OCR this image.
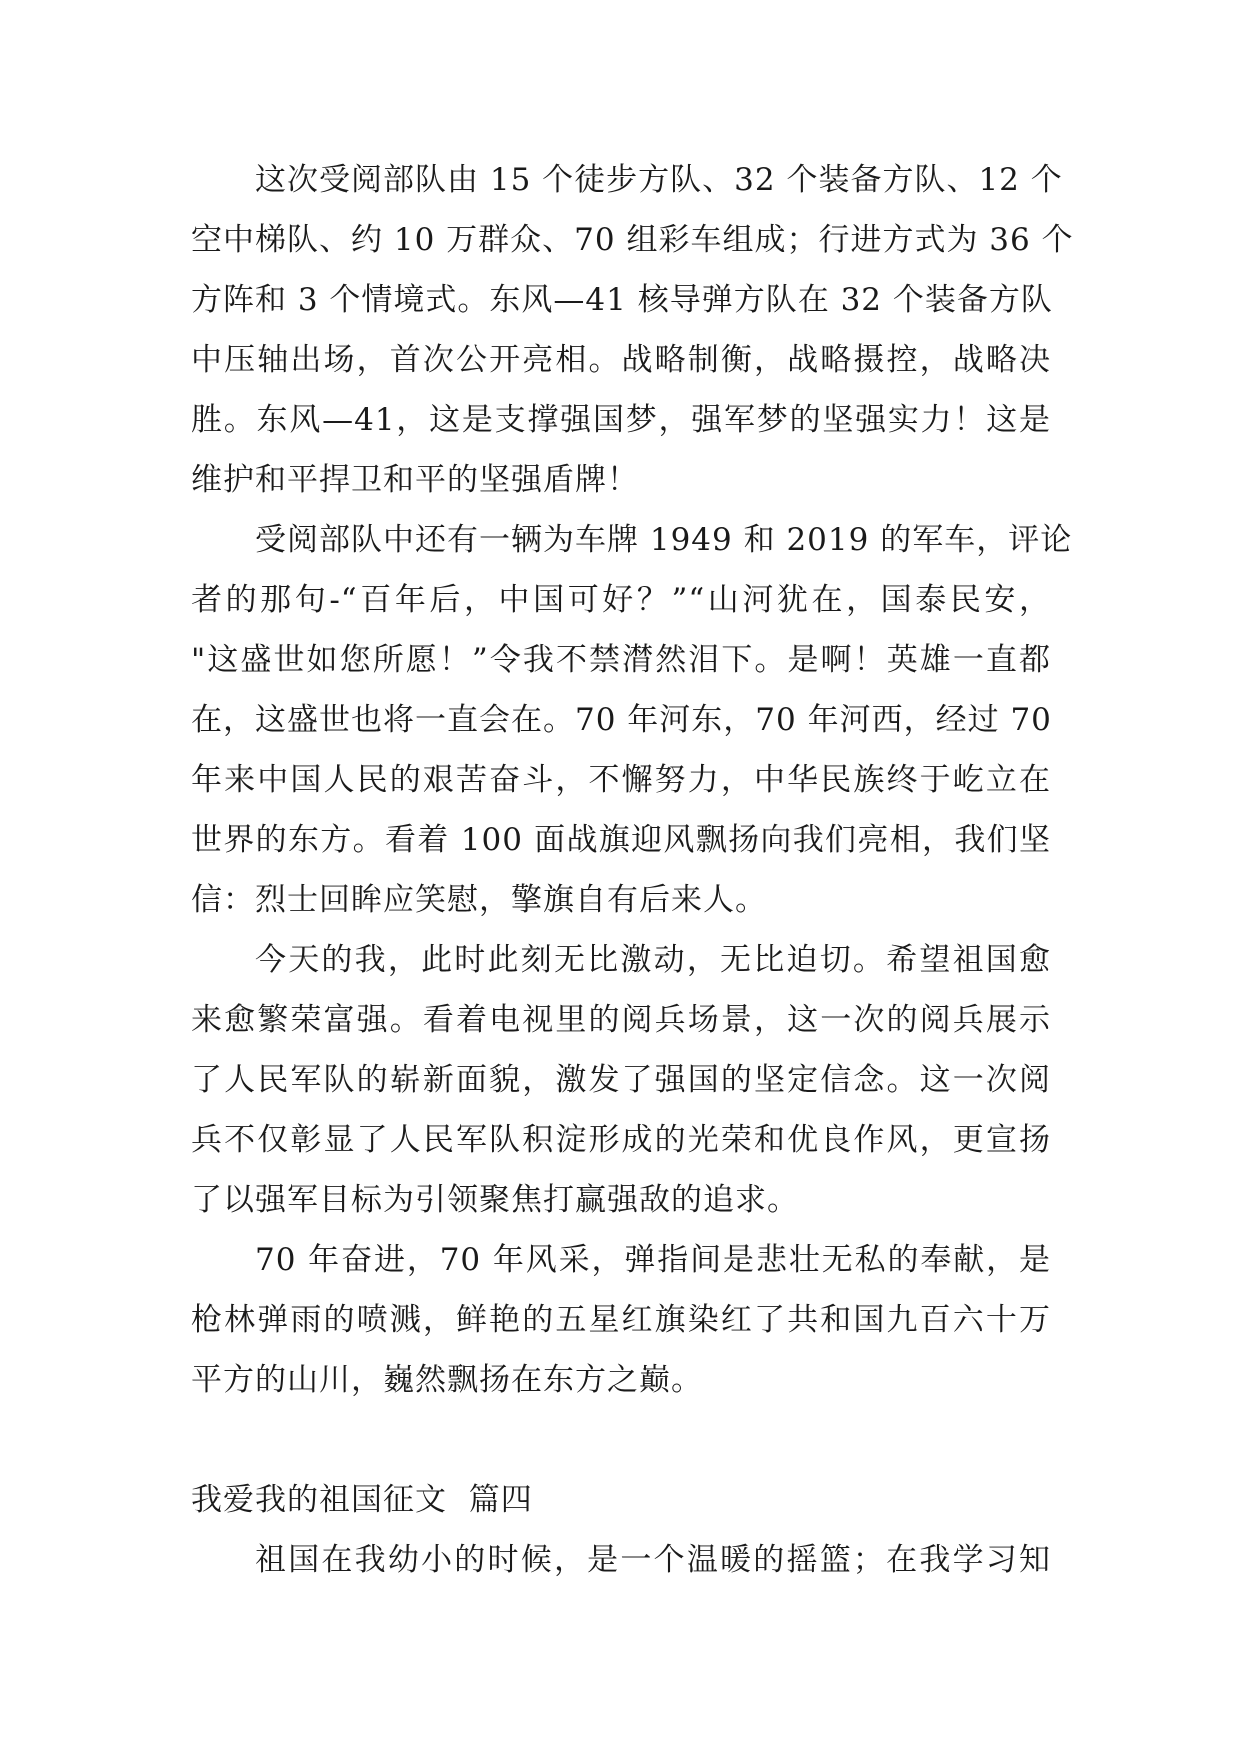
这次受阅部队由 15 个徒步方队、32 个装备方队、12 个
空中梯队、约 10 万群众、70 组彩车组成；行进方式为 36 个
方阵和 3 个情境式。东风—41 核导弹方队在 32 个装备方队
中压轴出场，首次公开亮相。战略制衡，战略摄控，战略决
胜。东风—41，这是支撑强国梦，强军梦的坚强实力！这是
维护和平捍卫和平的坚强盾牌！
受阅部队中还有一辆为车牌 1949 和 2019 的军车，评论
者的那句-“百年后，中国可好？”“山河犹在，国泰民安，
"这盛世如您所愿！”令我不禁潸然泪下。是啊！英雄一直都
在，这盛世也将一直会在。70 年河东，70 年河西，经过 70
年来中国人民的艰苦奋斗，不懈努力，中华民族终于屹立在
世界的东方。看着 100 面战旗迎风飘扬向我们亮相，我们坚
信：烈士回眸应笑慰，擎旗自有后来人。
今天的我，此时此刻无比激动，无比迫切。希望祖国愈
来愈繁荣富强。看着电视里的阅兵场景，这一次的阅兵展示
了人民军队的崭新面貌，激发了强国的坚定信念。这一次阅
兵不仅彰显了人民军队积淀形成的光荣和优良作风，更宣扬
了以强军目标为引领聚焦打赢强敌的追求。
70 年奋进，70 年风采，弹指间是悲壮无私的奉献，是
枪林弹雨的喷溅，鲜艳的五星红旗染红了共和国九百六十万
平方的山川，巍然飘扬在东方之巅。
我爱我的祖国征文  篇四
祖国在我幼小的时候，是一个温暖的摇篮；在我学习知
